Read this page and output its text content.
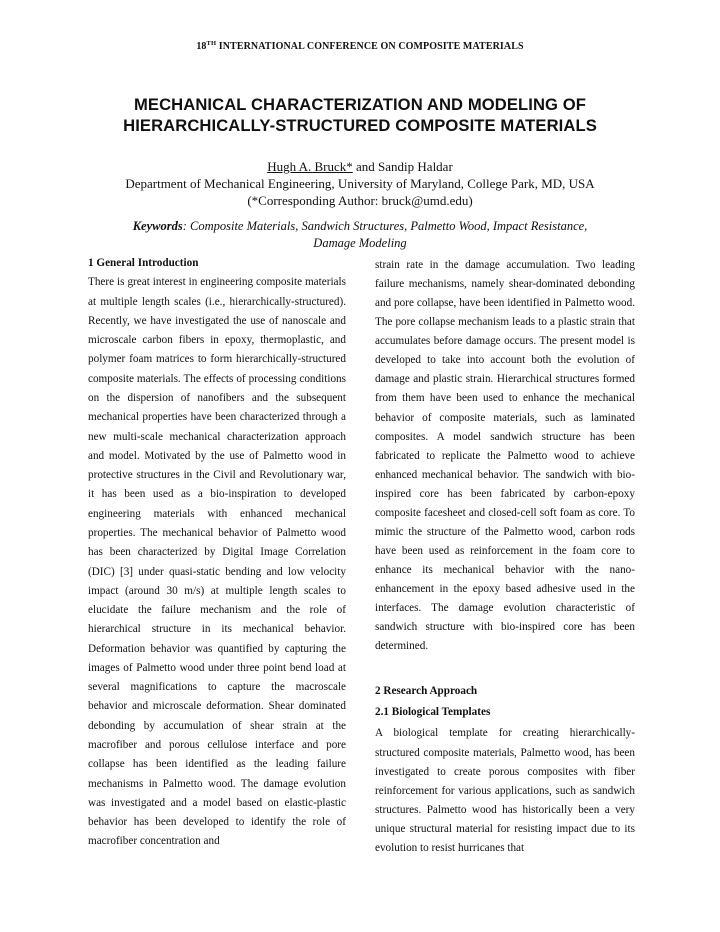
18TH INTERNATIONAL CONFERENCE ON COMPOSITE MATERIALS
MECHANICAL CHARACTERIZATION AND MODELING OF
HIERARCHICALLY-STRUCTURED COMPOSITE MATERIALS
Hugh A. Bruck* and Sandip Haldar
Department of Mechanical Engineering, University of Maryland, College Park, MD, USA
(*Corresponding Author: bruck@umd.edu)
Keywords: Composite Materials, Sandwich Structures, Palmetto Wood, Impact Resistance, Damage Modeling
1 General Introduction

There is great interest in engineering composite materials at multiple length scales (i.e., hierarchically-structured). Recently, we have investigated the use of nanoscale and microscale carbon fibers in epoxy, thermoplastic, and polymer foam matrices to form hierarchically-structured composite materials. The effects of processing conditions on the dispersion of nanofibers and the subsequent mechanical properties have been characterized through a new multi-scale mechanical characterization approach and model. Motivated by the use of Palmetto wood in protective structures in the Civil and Revolutionary war, it has been used as a bio-inspiration to developed engineering materials with enhanced mechanical properties. The mechanical behavior of Palmetto wood has been characterized by Digital Image Correlation (DIC) [3] under quasi-static bending and low velocity impact (around 30 m/s) at multiple length scales to elucidate the failure mechanism and the role of hierarchical structure in its mechanical behavior. Deformation behavior was quantified by capturing the images of Palmetto wood under three point bend load at several magnifications to capture the macroscale behavior and microscale deformation. Shear dominated debonding by accumulation of shear strain at the macrofiber and porous cellulose interface and pore collapse has been identified as the leading failure mechanisms in Palmetto wood. The damage evolution was investigated and a model based on elastic-plastic behavior has been developed to identify the role of macrofiber concentration and

strain rate in the damage accumulation. Two leading failure mechanisms, namely shear-dominated debonding and pore collapse, have been identified in Palmetto wood. The pore collapse mechanism leads to a plastic strain that accumulates before damage occurs. The present model is developed to take into account both the evolution of damage and plastic strain. Hierarchical structures formed from them have been used to enhance the mechanical behavior of composite materials, such as laminated composites. A model sandwich structure has been fabricated to replicate the Palmetto wood to achieve enhanced mechanical behavior. The sandwich with bio-inspired core has been fabricated by carbon-epoxy composite facesheet and closed-cell soft foam as core. To mimic the structure of the Palmetto wood, carbon rods have been used as reinforcement in the foam core to enhance its mechanical behavior with the nano-enhancement in the epoxy based adhesive used in the interfaces. The damage evolution characteristic of sandwich structure with bio-inspired core has been determined.

2 Research Approach
2.1 Biological Templates

A biological template for creating hierarchically-structured composite materials, Palmetto wood, has been investigated to create porous composites with fiber reinforcement for various applications, such as sandwich structures. Palmetto wood has historically been a very unique structural material for resisting impact due to its evolution to resist hurricanes that
